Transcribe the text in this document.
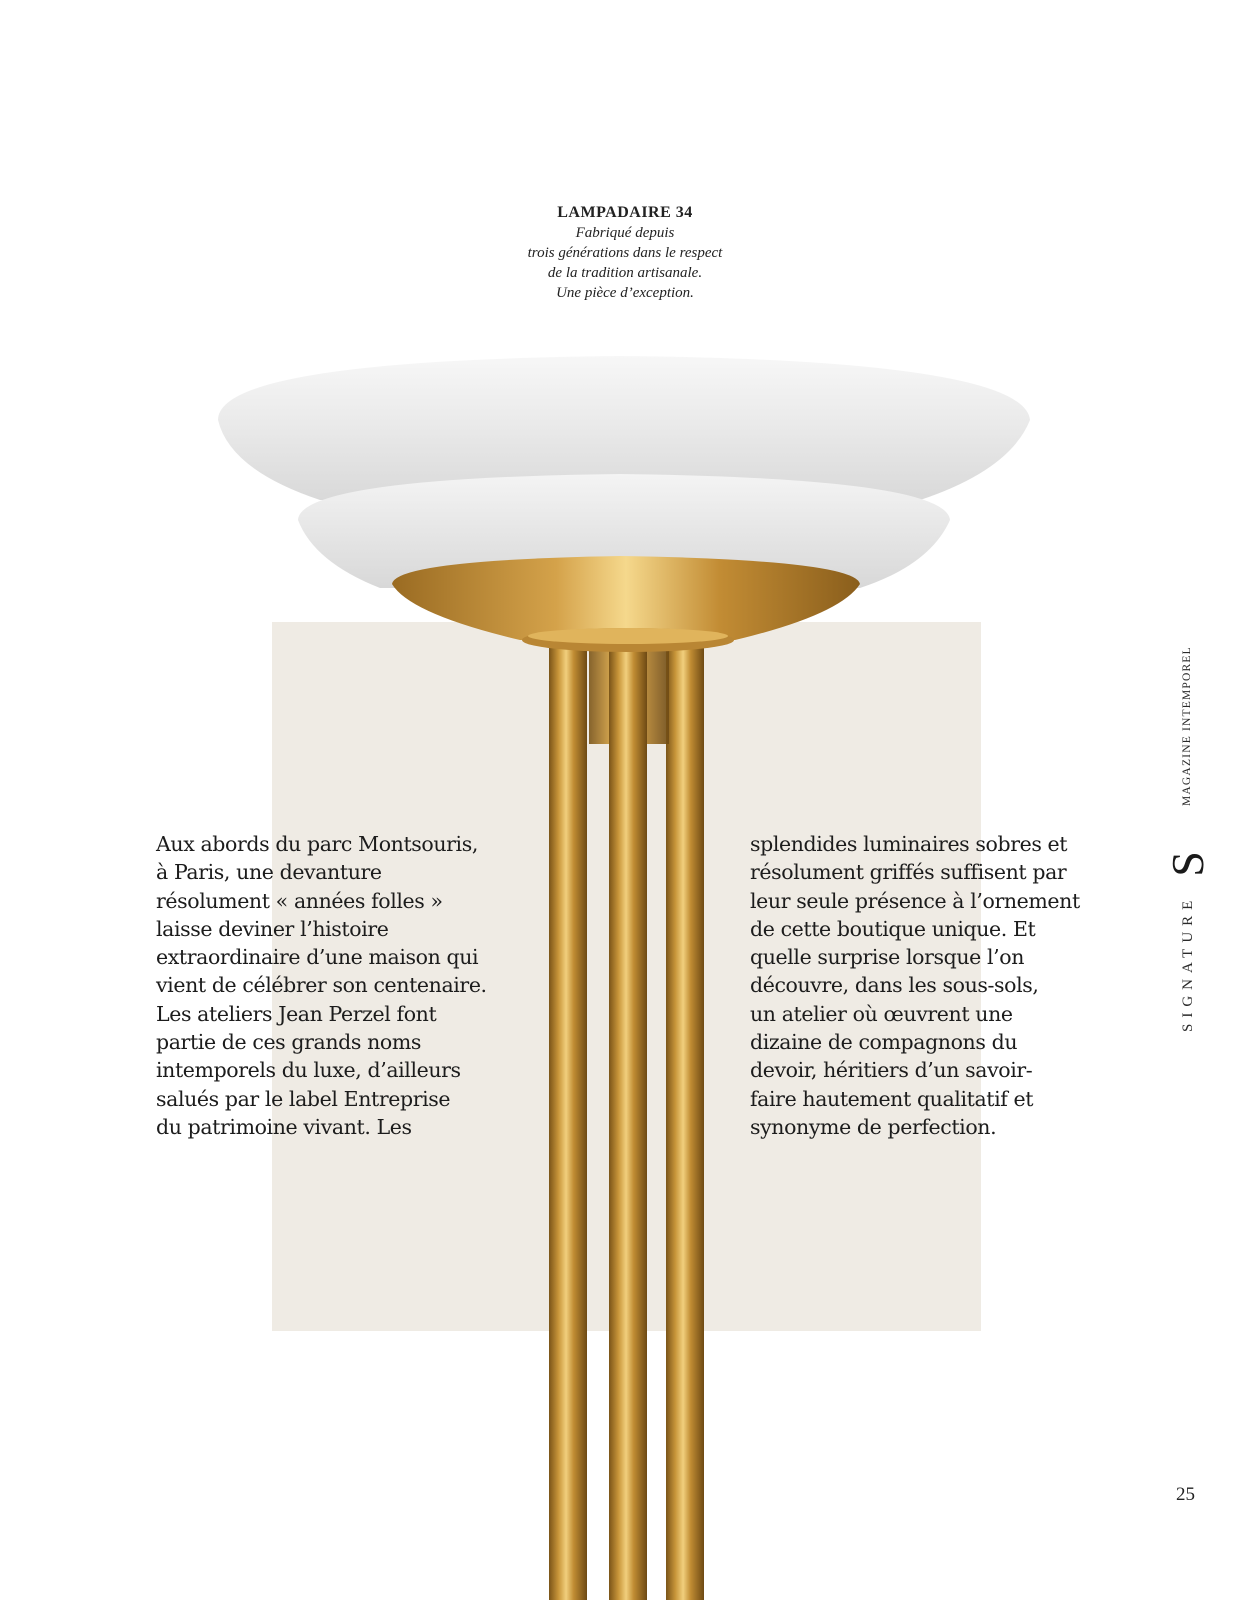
LAMPADAIRE 34
Fabriqué depuis
trois générations dans le respect
de la tradition artisanale.
Une pièce d’exception.
Aux abords du parc Montsouris,
à Paris, une devanture
résolument « années folles »
laisse deviner l’histoire
extraordinaire d’une maison qui
vient de célébrer son centenaire.
Les ateliers Jean Perzel font
partie de ces grands noms
intemporels du luxe, d’ailleurs
salués par le label Entreprise
du patrimoine vivant. Les
splendides luminaires sobres et
résolument griffés suffisent par
leur seule présence à l’ornement
de cette boutique unique. Et
quelle surprise lorsque l’on
découvre, dans les sous-sols,
un atelier où œuvrent une
dizaine de compagnons du
devoir, héritiers d’un savoir-
faire hautement qualitatif et
synonyme de perfection.
MAGAZINE INTEMPOREL
S
SIGNATURE
25
